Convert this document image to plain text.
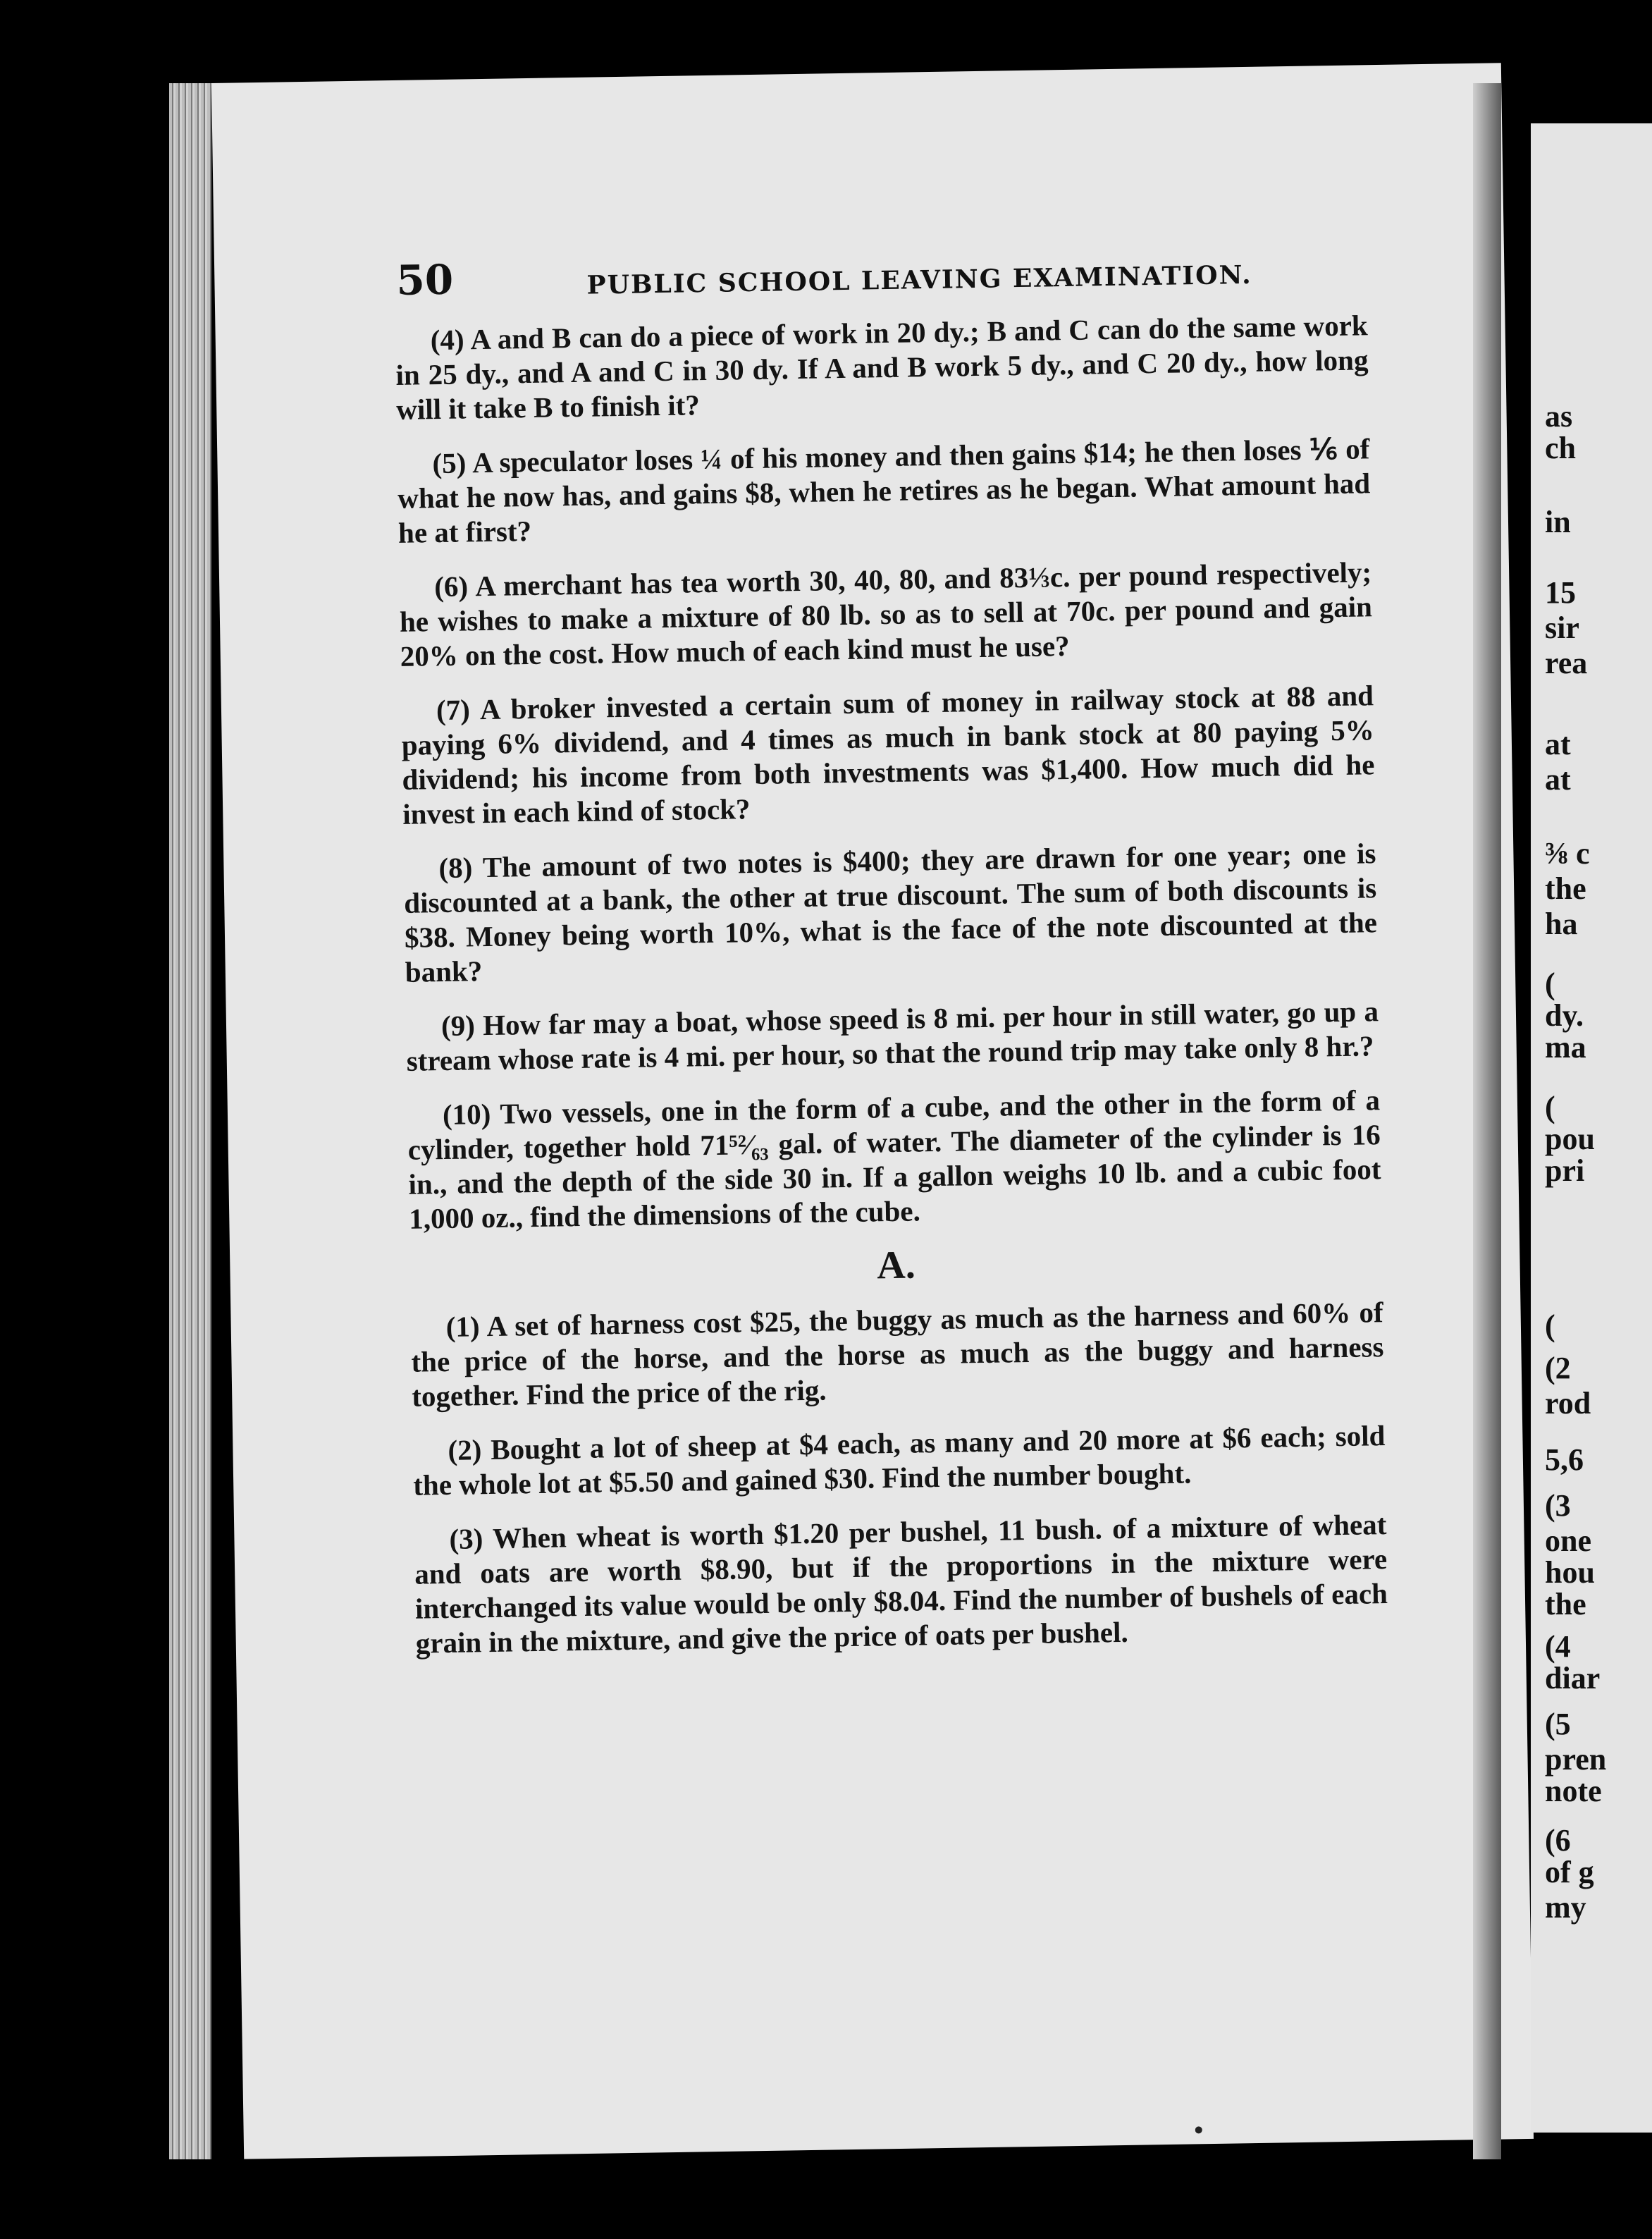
50	PUBLIC SCHOOL LEAVING EXAMINATION.

(4) A and B can do a piece of work in 20 dy.; B and C can do the same work in 25 dy., and A and C in 30 dy. If A and B work 5 dy., and C 20 dy., how long will it take B to finish it?

(5) A speculator loses ¼ of his money and then gains $14; he then loses ⅙ of what he now has, and gains $8, when he retires as he began. What amount had he at first?

(6) A merchant has tea worth 30, 40, 80, and 83⅓c. per pound respectively; he wishes to make a mixture of 80 lb. so as to sell at 70c. per pound and gain 20% on the cost. How much of each kind must he use?

(7) A broker invested a certain sum of money in railway stock at 88 and paying 6% dividend, and 4 times as much in bank stock at 80 paying 5% dividend; his income from both investments was $1,400. How much did he invest in each kind of stock?

(8) The amount of two notes is $400; they are drawn for one year; one is discounted at a bank, the other at true discount. The sum of both discounts is $38. Money being worth 10%, what is the face of the note discounted at the bank?

(9) How far may a boat, whose speed is 8 mi. per hour in still water, go up a stream whose rate is 4 mi. per hour, so that the round trip may take only 8 hr.?

(10) Two vessels, one in the form of a cube, and the other in the form of a cylinder, together hold 71⁵²⁄₆₃ gal. of water. The diameter of the cylinder is 16 in., and the depth of the side 30 in. If a gallon weighs 10 lb. and a cubic foot 1,000 oz., find the dimensions of the cube.

A.

(1) A set of harness cost $25, the buggy as much as the harness and 60% of the price of the horse, and the horse as much as the buggy and harness together. Find the price of the rig.

(2) Bought a lot of sheep at $4 each, as many and 20 more at $6 each; sold the whole lot at $5.50 and gained $30. Find the number bought.

(3) When wheat is worth $1.20 per bushel, 11 bush. of a mixture of wheat and oats are worth $8.90, but if the proportions in the mixture were interchanged its value would be only $8.04. Find the number of bushels of each grain in the mixture, and give the price of oats per bushel.

as
ch
in
15
sir
rea
at
at
⅜ c
the
ha
(
dy.
ma
(
pou
pri
(
(2
rod
5,6
(3
one
hou
the
(4
diar
(5
pren
note
(6
of g
my
